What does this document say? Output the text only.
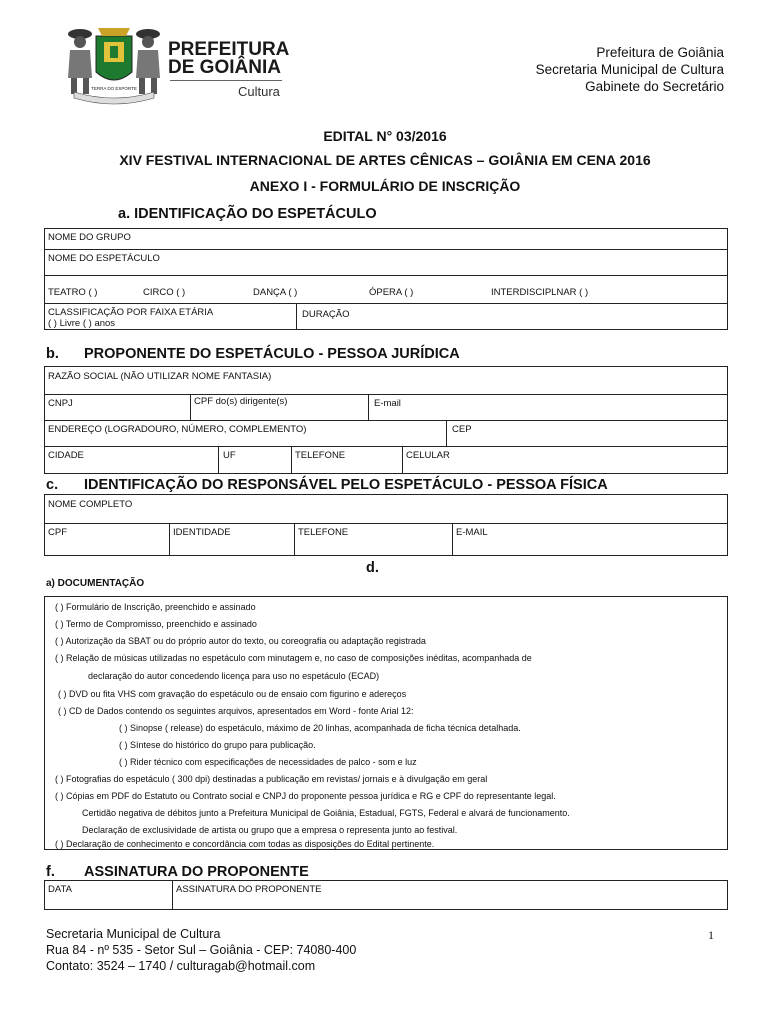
TERRA DO ESPORTE
PREFEITURA
DE GOIÂNIA
Cultura
Prefeitura de Goiânia
Secretaria Municipal de Cultura
Gabinete do Secretário
EDITAL N° 03/2016
XIV FESTIVAL INTERNACIONAL DE ARTES CÊNICAS – GOIÂNIA EM CENA 2016
ANEXO I - FORMULÁRIO DE INSCRIÇÃO
a. IDENTIFICAÇÃO DO ESPETÁCULO
NOME DO GRUPO
NOME DO ESPETÁCULO
TEATRO ( )	CIRCO ( )	DANÇA ( )	ÓPERA ( )	INTERDISCIPLNAR ( )
CLASSIFICAÇÃO POR FAIXA ETÁRIA
( ) Livre ( ) anos
DURAÇÃO
b. PROPONENTE DO ESPETÁCULO - PESSOA JURÍDICA
RAZÃO SOCIAL (NÃO UTILIZAR NOME FANTASIA)
CNPJ	CPF do(s) dirigente(s)	E-mail
ENDEREÇO (LOGRADOURO, NÚMERO, COMPLEMENTO)	CEP
CIDADE	UF	TELEFONE	CELULAR
c. IDENTIFICAÇÃO DO RESPONSÁVEL PELO ESPETÁCULO - PESSOA FÍSICA
NOME COMPLETO
CPF	IDENTIDADE	TELEFONE	E-MAIL
d.
a) DOCUMENTAÇÃO
( ) Formulário de Inscrição, preenchido e assinado
( ) Termo de Compromisso, preenchido e assinado
( ) Autorização da SBAT ou do próprio autor do texto, ou coreografia ou adaptação registrada
( ) Relação de músicas utilizadas no espetáculo com minutagem e, no caso de composições inéditas, acompanhada de
declaração do autor concedendo licença para uso no espetáculo (ECAD)
( ) DVD ou fita VHS com gravação do espetáculo ou de ensaio com figurino e adereços
( ) CD de Dados contendo os seguintes arquivos, apresentados em Word - fonte Arial 12:
( ) Sinopse ( release) do espetáculo, máximo de 20 linhas, acompanhada de ficha técnica detalhada.
( ) Síntese do histórico do grupo para publicação.
( ) Rider técnico com especificações de necessidades de palco - som e luz
( ) Fotografias do espetáculo ( 300 dpi) destinadas a publicação em revistas/ jornais e à divulgação em geral
( ) Cópias em PDF do Estatuto ou Contrato social e CNPJ do proponente pessoa jurídica e RG e CPF do representante legal.
Certidão negativa de débitos junto a Prefeitura Municipal de Goiânia, Estadual, FGTS, Federal e alvará de funcionamento.
Declaração de exclusividade de artista ou grupo que a empresa o representa junto ao festival.
( ) Declaração de conhecimento e concordância com todas as disposições do Edital pertinente.
f. ASSINATURA DO PROPONENTE
DATA	ASSINATURA DO PROPONENTE
Secretaria Municipal de Cultura
Rua 84 - nº 535 - Setor Sul – Goiânia - CEP: 74080-400
Contato: 3524 – 1740 / culturagab@hotmail.com
1
